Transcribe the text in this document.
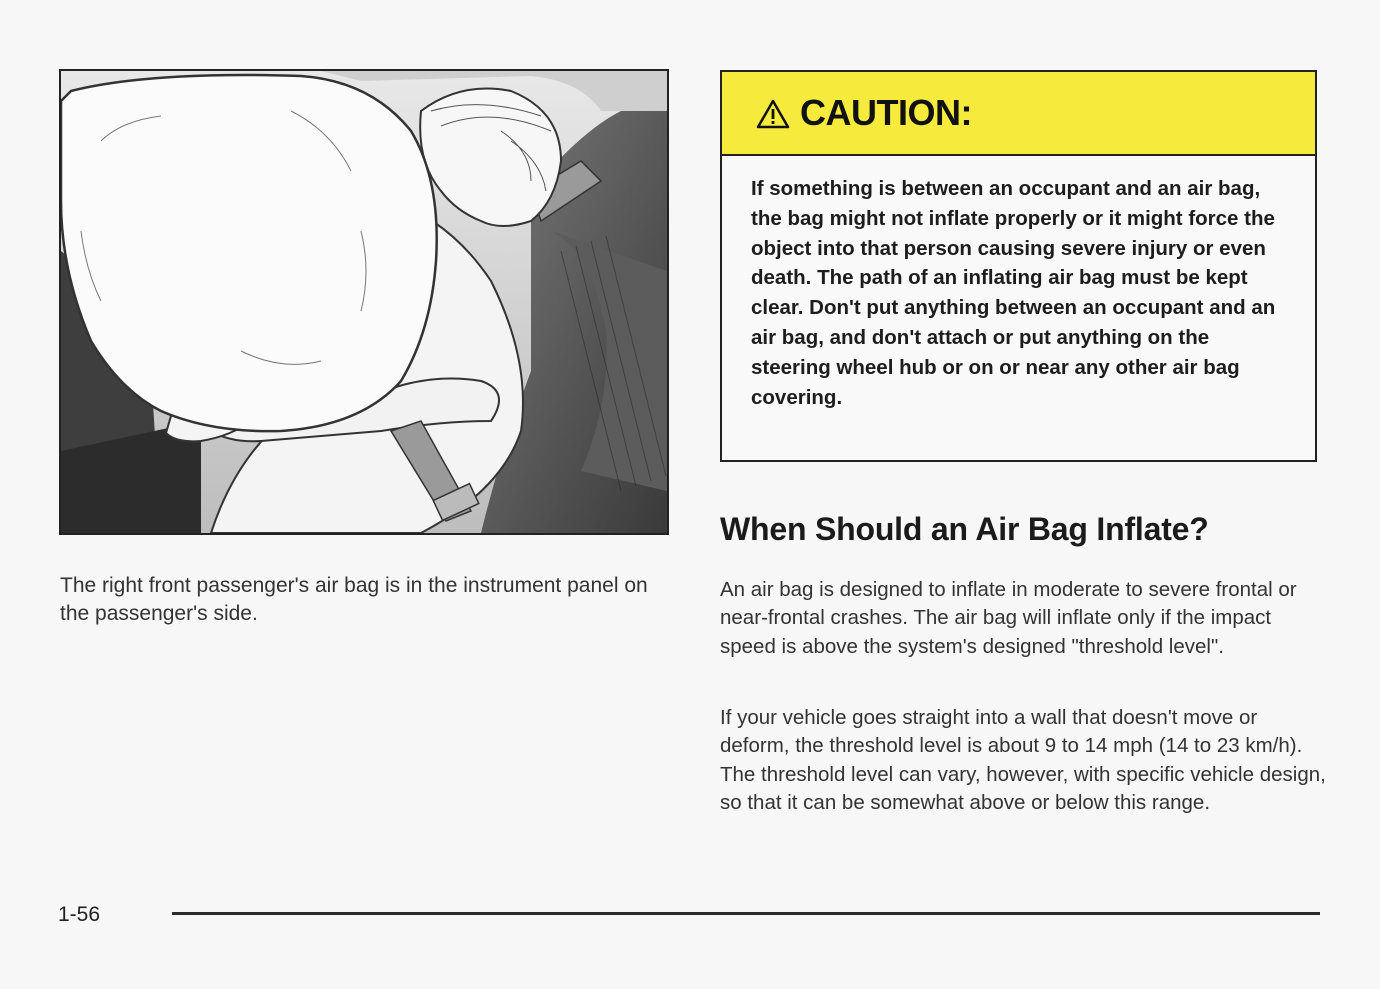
The right front passenger's air bag is in the instrument panel on the passenger's side.
CAUTION:
If something is between an occupant and an air bag, the bag might not inflate properly or it might force the object into that person causing severe injury or even death. The path of an inflating air bag must be kept clear. Don't put anything between an occupant and an air bag, and don't attach or put anything on the steering wheel hub or on or near any other air bag covering.
When Should an Air Bag Inflate?
An air bag is designed to inflate in moderate to severe frontal or near-frontal crashes. The air bag will inflate only if the impact speed is above the system's designed "threshold level".
If your vehicle goes straight into a wall that doesn't move or deform, the threshold level is about 9 to 14 mph (14 to 23 km/h). The threshold level can vary, however, with specific vehicle design, so that it can be somewhat above or below this range.
1-56
